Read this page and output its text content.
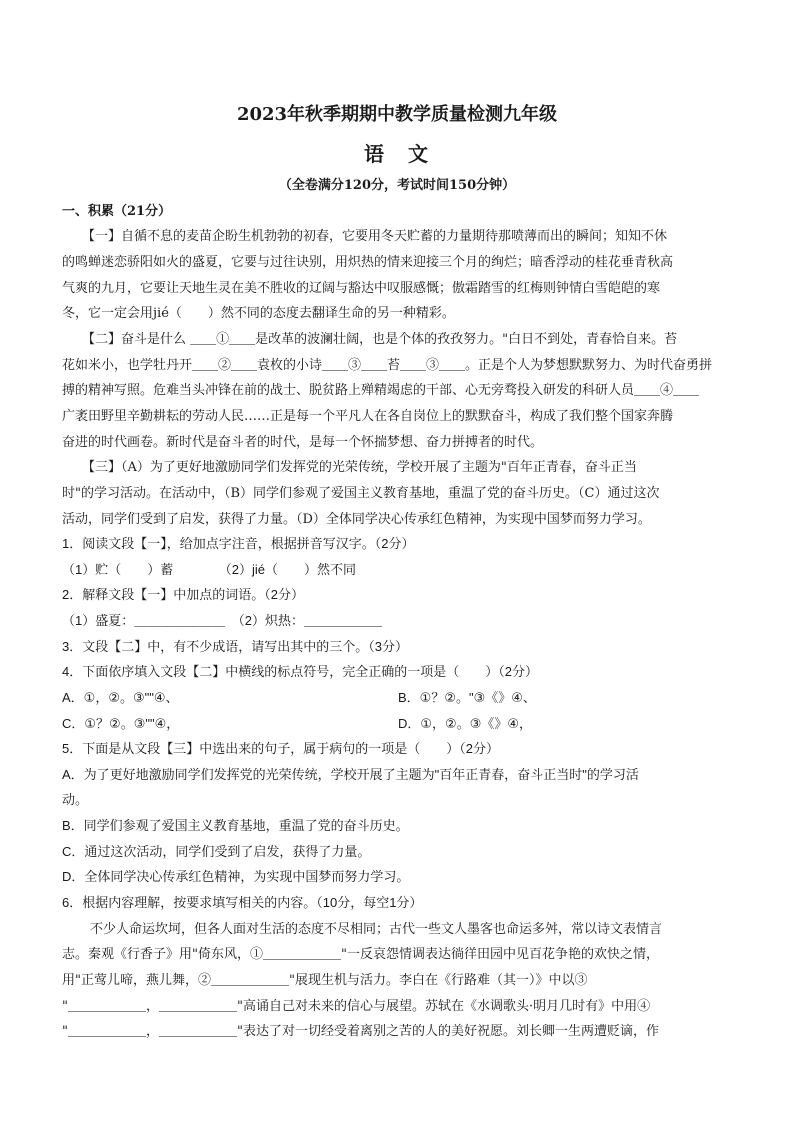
2023年秋季期期中教学质量检测九年级
语　文
（全卷满分120分，考试时间150分钟）
一、积累（21分）
【一】自循不息的麦苗企盼生机勃勃的初春，它要用冬天贮蓄的力量期待那喷薄而出的瞬间；知知不休
的鸣蝉迷恋骄阳如火的盛夏，它要与过往诀别，用炽热的情来迎接三个月的绚烂；暗香浮动的桂花垂青秋高
气爽的九月，它要让天地生灵在美不胜收的辽阔与豁达中叹服感慨；傲霜踏雪的红梅则钟情白雪皑皑的寒
冬，它一定会用jié（　　）然不同的态度去翻译生命的另一种精彩。
【二】奋斗是什么 ＿＿①＿＿是改革的波澜壮阔，也是个体的孜孜努力。"白日不到处，青春恰自来。苔
花如米小，也学牡丹开＿＿②＿＿袁枚的小诗＿＿③＿＿苔＿＿③＿＿。正是个人为梦想默默努力、为时代奋勇拼
搏的精神写照。危难当头冲锋在前的战士、脱贫路上殚精竭虑的干部、心无旁骛投入研发的科研人员＿＿④＿＿
广袤田野里辛勤耕耘的劳动人民……正是每一个平凡人在各自岗位上的默默奋斗，构成了我们整个国家奔腾
奋进的时代画卷。新时代是奋斗者的时代，是每一个怀揣梦想、奋力拼搏者的时代。
【三】（A）为了更好地激励同学们发挥党的光荣传统，学校开展了主题为"百年正青春，奋斗正当
时"的学习活动。在活动中，（B）同学们参观了爱国主义教育基地，重温了党的奋斗历史。（C）通过这次
活动，同学们受到了启发，获得了力量。（D）全体同学决心传承红色精神，为实现中国梦而努力学习。
1．阅读文段【一】，给加点字注音，根据拼音写汉字。（2分）
（1）贮（　　）蓄　　　　（2）jié（　　）然不同
2．解释文段【一】中加点的词语。（2分）
（1）盛夏：＿＿＿＿＿＿＿　（2）炽热：＿＿＿＿＿＿
3．文段【二】中，有不少成语，请写出其中的三个。（3分）
4．下面依序填入文段【二】中横线的标点符号，完全正确的一项是（　　）（2分）
A．①，②。③""④、	B．①？②。"③《》④、
C．①？②。③""④，	D．①，②。③《》④，
5．下面是从文段【三】中选出来的句子，属于病句的一项是（　　）（2分）
A．为了更好地激励同学们发挥党的光荣传统，学校开展了主题为"百年正青春，奋斗正当时"的学习活
动。
B．同学们参观了爱国主义教育基地，重温了党的奋斗历史。
C．通过这次活动，同学们受到了启发，获得了力量。
D．全体同学决心传承红色精神，为实现中国梦而努力学习。
6．根据内容理解，按要求填写相关的内容。（10分，每空1分）
不少人命运坎坷，但各人面对生活的态度不尽相同；古代一些文人墨客也命运多舛，常以诗文表情言
志。秦观《行香子》用"倚东风，①＿＿＿＿＿＿"一反哀怨情调表达徜徉田园中见百花争艳的欢快之情，
用"正莺儿啼，燕儿舞，②＿＿＿＿＿＿"展现生机与活力。李白在《行路难（其一）》中以③
"＿＿＿＿＿＿，＿＿＿＿＿＿"高诵自己对未来的信心与展望。苏轼在《水调歌头·明月几时有》中用④
"＿＿＿＿＿＿，＿＿＿＿＿＿"表达了对一切经受着离别之苦的人的美好祝愿。刘长卿一生两遭贬谪，作
